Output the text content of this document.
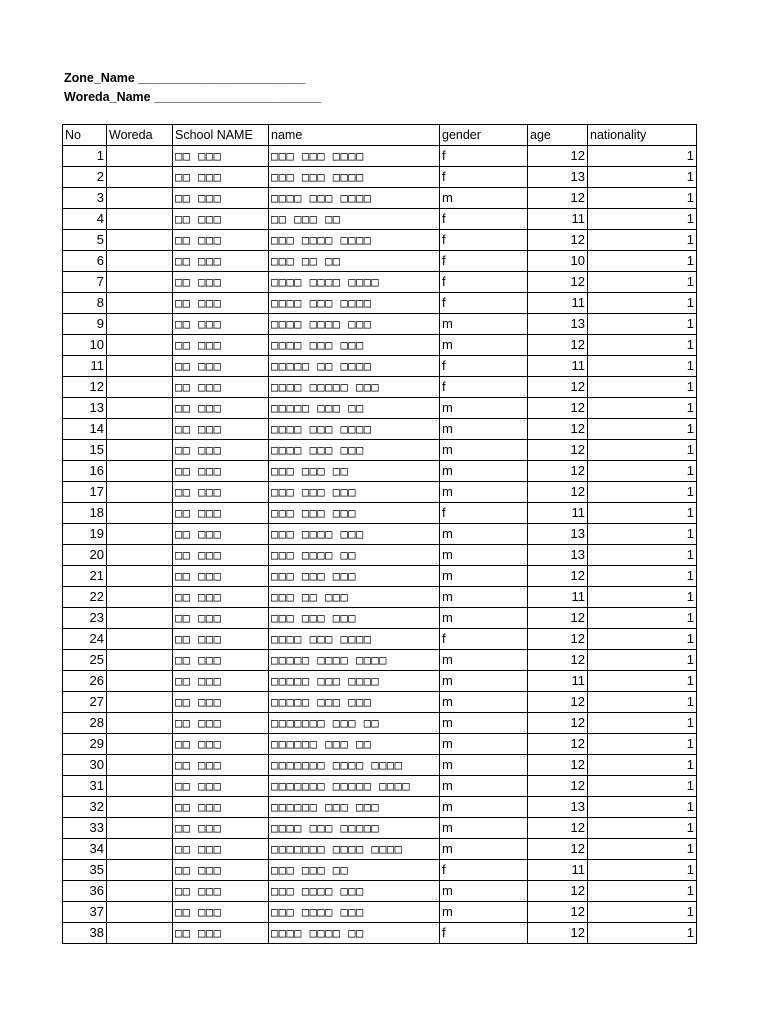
Zone_Name ________________________
Woreda_Name ________________________
No	Woreda	School NAME	name	gender	age	nationality
1		□□ □□□	□□□ □□□ □□□□	f	12	1
2		□□ □□□	□□□ □□□ □□□□	f	13	1
3		□□ □□□	□□□□ □□□ □□□□	m	12	1
4		□□ □□□	□□ □□□ □□	f	11	1
5		□□ □□□	□□□ □□□□ □□□□	f	12	1
6		□□ □□□	□□□ □□ □□	f	10	1
7		□□ □□□	□□□□ □□□□ □□□□	f	12	1
8		□□ □□□	□□□□ □□□ □□□□	f	11	1
9		□□ □□□	□□□□ □□□□ □□□	m	13	1
10		□□ □□□	□□□□ □□□ □□□	m	12	1
11		□□ □□□	□□□□□ □□ □□□□	f	11	1
12		□□ □□□	□□□□ □□□□□ □□□	f	12	1
13		□□ □□□	□□□□□ □□□ □□	m	12	1
14		□□ □□□	□□□□ □□□ □□□□	m	12	1
15		□□ □□□	□□□□ □□□ □□□	m	12	1
16		□□ □□□	□□□ □□□ □□	m	12	1
17		□□ □□□	□□□ □□□ □□□	m	12	1
18		□□ □□□	□□□ □□□ □□□	f	11	1
19		□□ □□□	□□□ □□□□ □□□	m	13	1
20		□□ □□□	□□□ □□□□ □□	m	13	1
21		□□ □□□	□□□ □□□ □□□	m	12	1
22		□□ □□□	□□□ □□ □□□	m	11	1
23		□□ □□□	□□□ □□□ □□□	m	12	1
24		□□ □□□	□□□□ □□□ □□□□	f	12	1
25		□□ □□□	□□□□□ □□□□ □□□□	m	12	1
26		□□ □□□	□□□□□ □□□ □□□□	m	11	1
27		□□ □□□	□□□□□ □□□ □□□	m	12	1
28		□□ □□□	□□□□□□□ □□□ □□	m	12	1
29		□□ □□□	□□□□□□ □□□ □□	m	12	1
30		□□ □□□	□□□□□□□ □□□□ □□□□	m	12	1
31		□□ □□□	□□□□□□□ □□□□□ □□□□	m	12	1
32		□□ □□□	□□□□□□ □□□ □□□	m	13	1
33		□□ □□□	□□□□ □□□ □□□□□	m	12	1
34		□□ □□□	□□□□□□□ □□□□ □□□□	m	12	1
35		□□ □□□	□□□ □□□ □□	f	11	1
36		□□ □□□	□□□ □□□□ □□□	m	12	1
37		□□ □□□	□□□ □□□□ □□□	m	12	1
38		□□ □□□	□□□□ □□□□ □□	f	12	1
